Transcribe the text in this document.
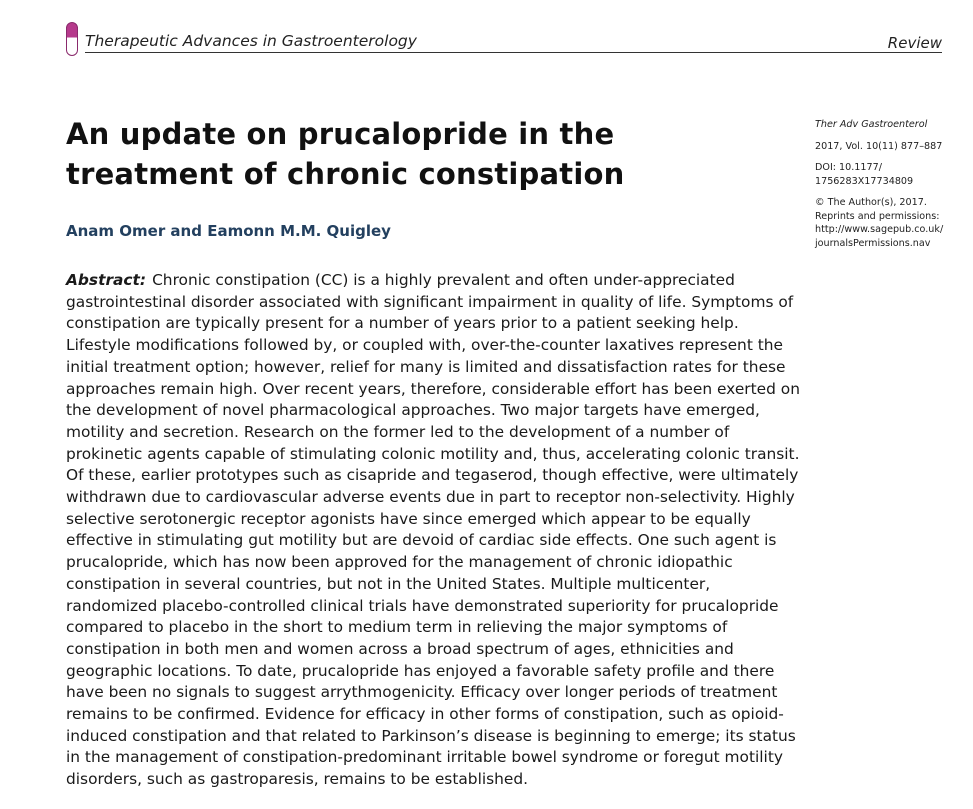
Therapeutic Advances in Gastroenterology	Review
An update on prucalopride in the treatment of chronic constipation
Anam Omer and Eamonn M.M. Quigley

Abstract: Chronic constipation (CC) is a highly prevalent and often under-appreciated gastrointestinal disorder associated with significant impairment in quality of life. Symptoms of constipation are typically present for a number of years prior to a patient seeking help. Lifestyle modifications followed by, or coupled with, over-the-counter laxatives represent the initial treatment option; however, relief for many is limited and dissatisfaction rates for these approaches remain high. Over recent years, therefore, considerable effort has been exerted on the development of novel pharmacological approaches. Two major targets have emerged, motility and secretion. Research on the former led to the development of a number of prokinetic agents capable of stimulating colonic motility and, thus, accelerating colonic transit. Of these, earlier prototypes such as cisapride and tegaserod, though effective, were ultimately withdrawn due to cardiovascular adverse events due in part to receptor non-selectivity. Highly selective serotonergic receptor agonists have since emerged which appear to be equally effective in stimulating gut motility but are devoid of cardiac side effects. One such agent is prucalopride, which has now been approved for the management of chronic idiopathic constipation in several countries, but not in the United States. Multiple multicenter, randomized placebo-controlled clinical trials have demonstrated superiority for prucalopride compared to placebo in the short to medium term in relieving the major symptoms of constipation in both men and women across a broad spectrum of ages, ethnicities and geographic locations. To date, prucalopride has enjoyed a favorable safety profile and there have been no signals to suggest arrythmogenicity. Efficacy over longer periods of treatment remains to be confirmed. Evidence for efficacy in other forms of constipation, such as opioid-induced constipation and that related to Parkinson’s disease is beginning to emerge; its status in the management of constipation-predominant irritable bowel syndrome or foregut motility disorders, such as gastroparesis, remains to be established.

Ther Adv Gastroenterol
2017, Vol. 10(11) 877–887
DOI: 10.1177/
1756283X17734809
© The Author(s), 2017.
Reprints and permissions:
http://www.sagepub.co.uk/
journalsPermissions.nav
